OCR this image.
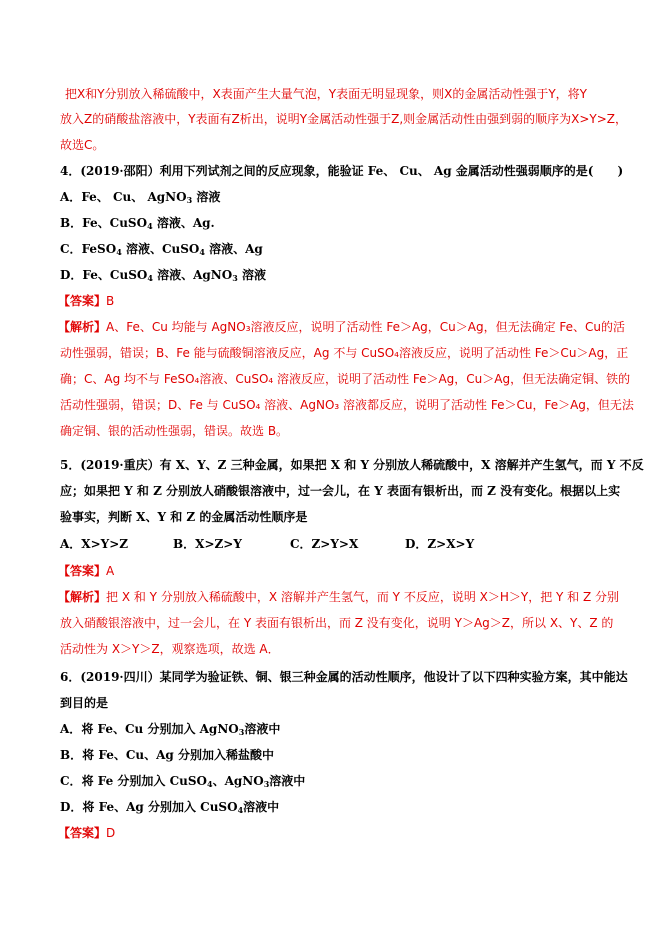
把X和Y分别放入稀硫酸中，X表面产生大量气泡，Y表面无明显现象，则X的金属活动性强于Y，将Y
放入Z的硝酸盐溶液中，Y表面有Z析出，说明Y金属活动性强于Z,则金属活动性由强到弱的顺序为X>Y>Z，
故选C。
4．(2019·邵阳）利用下列试剂之间的反应现象，能验证 Fe、 Cu、 Ag 金属活动性强弱顺序的是(　　)
A．Fe、 Cu、 AgNO$_3$ 溶液
B．Fe、CuSO$_4$ 溶液、Ag.
C．FeSO$_4$ 溶液、CuSO$_4$ 溶液、Ag
D．Fe、CuSO$_4$ 溶液、AgNO$_3$ 溶液
【答案】B
【解析】A、Fe、Cu 均能与 AgNO₃溶液反应，说明了活动性 Fe＞Ag，Cu＞Ag，但无法确定 Fe、Cu的活
动性强弱，错误；B、Fe 能与硫酸铜溶液反应，Ag 不与 CuSO₄溶液反应，说明了活动性 Fe＞Cu＞Ag，正
确；C、Ag 均不与 FeSO₄溶液、CuSO₄ 溶液反应，说明了活动性 Fe＞Ag，Cu＞Ag，但无法确定铜、铁的
活动性强弱，错误；D、Fe 与 CuSO₄ 溶液、AgNO₃ 溶液都反应，说明了活动性 Fe＞Cu，Fe＞Ag，但无法
确定铜、银的活动性强弱，错误。故选 B。
5．(2019·重庆）有 X、Y、Z 三种金属，如果把 X 和 Y 分别放人稀硫酸中，X 溶解并产生氢气，而 Y 不反
应；如果把 Y 和 Z 分别放人硝酸银溶液中，过一会儿，在 Y 表面有银析出，而 Z 没有变化。根据以上实
验事实，判断 X、Y 和 Z 的金属活动性顺序是
A．X>Y>Z	B．X>Z>Y	C．Z>Y>X	D．Z>X>Y
【答案】A
【解析】把 X 和 Y 分别放入稀硫酸中，X 溶解并产生氢气，而 Y 不反应，说明 X＞H＞Y，把 Y 和 Z 分别
放入硝酸银溶液中，过一会儿，在 Y 表面有银析出，而 Z 没有变化，说明 Y＞Ag＞Z，所以 X、Y、Z 的
活动性为 X＞Y＞Z，观察选项，故选 A．
6．(2019·四川）某同学为验证铁、铜、银三种金属的活动性顺序，他设计了以下四种实验方案，其中能达
到目的是
A．将 Fe、Cu 分别加入 AgNO$_3$溶液中
B．将 Fe、Cu、Ag 分别加入稀盐酸中
C．将 Fe 分别加入 CuSO$_4$、AgNO$_3$溶液中
D．将 Fe、Ag 分别加入 CuSO$_4$溶液中
【答案】D
